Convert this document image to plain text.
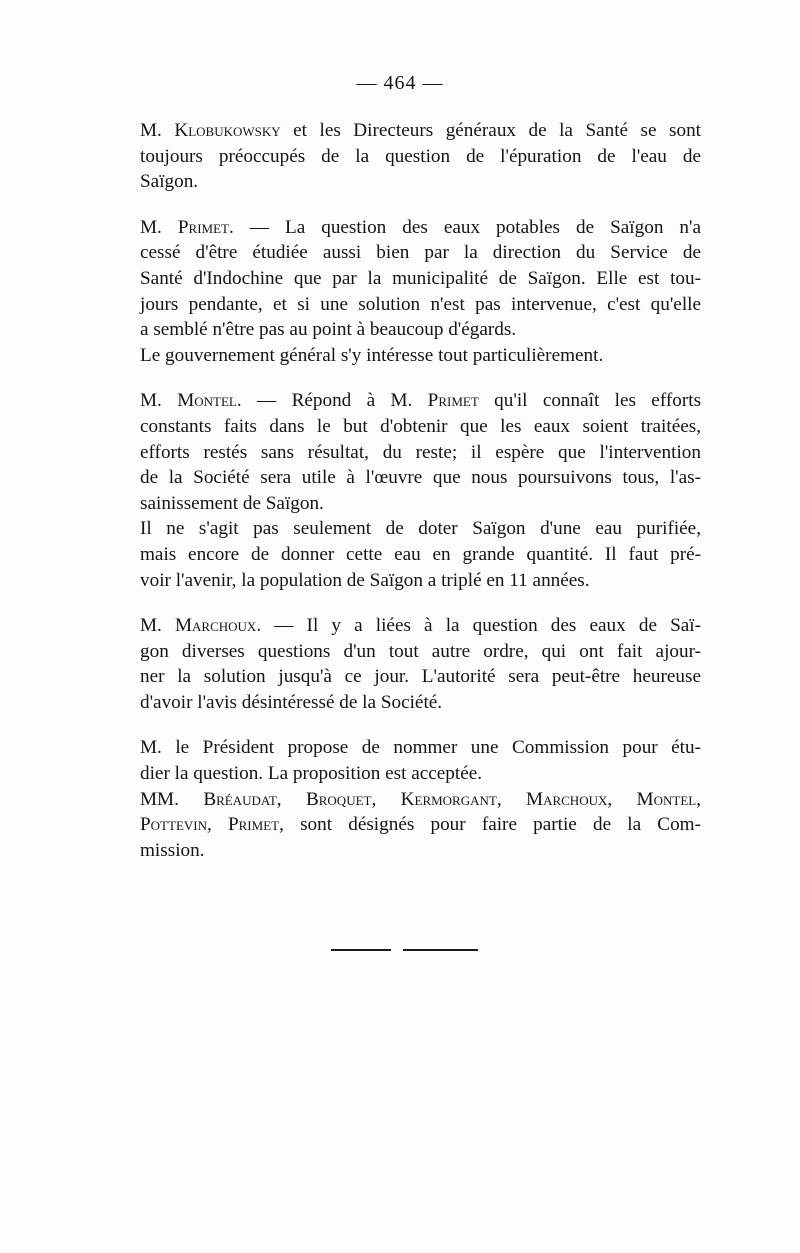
— 464 —
M. Klobukowsky et les Directeurs généraux de la Santé se sont
toujours préoccupés de la question de l'épuration de l'eau de
Saïgon.
M. Primet. — La question des eaux potables de Saïgon n'a
cessé d'être étudiée aussi bien par la direction du Service de
Santé d'Indochine que par la municipalité de Saïgon. Elle est tou-
jours pendante, et si une solution n'est pas intervenue, c'est qu'elle
a semblé n'être pas au point à beaucoup d'égards.
Le gouvernement général s'y intéresse tout particulièrement.
M. Montel. — Répond à M. Primet qu'il connaît les efforts
constants faits dans le but d'obtenir que les eaux soient traitées,
efforts restés sans résultat, du reste; il espère que l'intervention
de la Société sera utile à l'œuvre que nous poursuivons tous, l'as-
sainissement de Saïgon.
Il ne s'agit pas seulement de doter Saïgon d'une eau purifiée,
mais encore de donner cette eau en grande quantité. Il faut pré-
voir l'avenir, la population de Saïgon a triplé en 11 années.
M. Marchoux. — Il y a liées à la question des eaux de Saï-
gon diverses questions d'un tout autre ordre, qui ont fait ajour-
ner la solution jusqu'à ce jour. L'autorité sera peut-être heureuse
d'avoir l'avis désintéressé de la Société.
M. le Président propose de nommer une Commission pour étu-
dier la question. La proposition est acceptée.
MM. Bréaudat, Broquet, Kermorgant, Marchoux, Montel,
Pottevin, Primet, sont désignés pour faire partie de la Com-
mission.
